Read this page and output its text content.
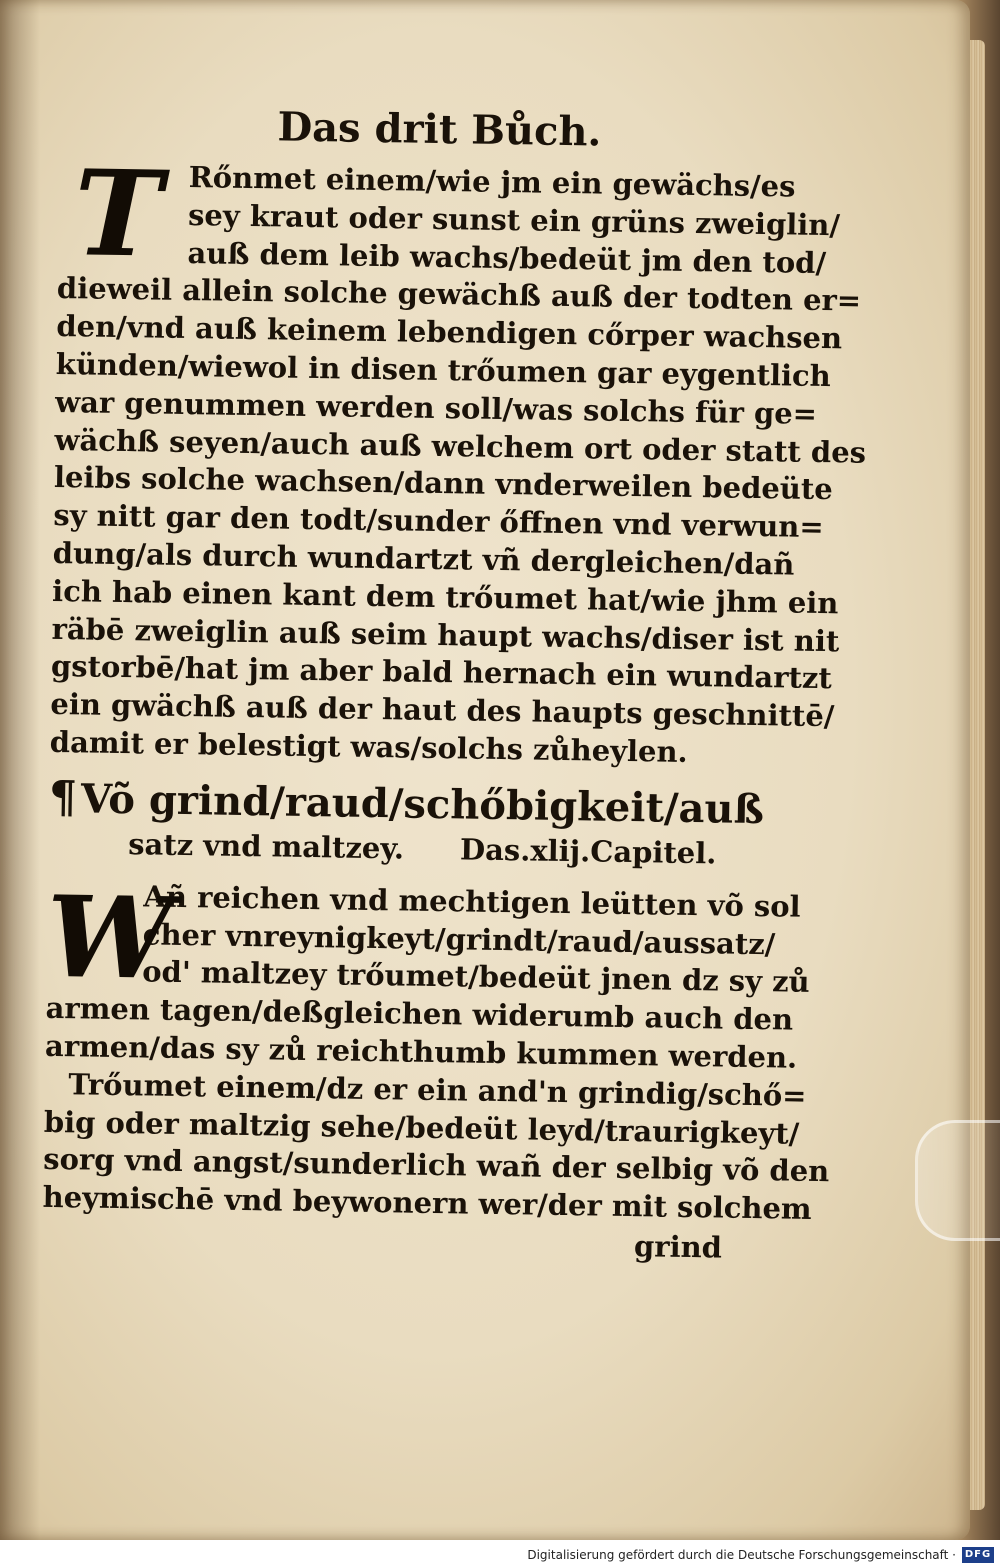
Das drit Bůch.
T Rőnmet einem/wie jm ein gewächs/es
sey kraut oder sunst ein grüns zweiglin/
auß dem leib wachs/bedeüt jm den tod/
dieweil allein solche gewächß auß der todten er=
den/vnd auß keinem lebendigen cőrper wachsen
künden/wiewol in disen trőumen gar eygentlich
war genummen werden soll/was solchs für ge=
wächß seyen/auch auß welchem ort oder statt des
leibs solche wachsen/dann vnderweilen bedeüte
sy nitt gar den todt/sunder őffnen vnd verwun=
dung/als durch wundartzt vñ dergleichen/dañ
ich hab einen kant dem trőumet hat/wie jhm ein
räbē zweiglin auß seim haupt wachs/diser ist nit
gstorbē/hat jm aber bald hernach ein wundartzt
ein gwächß auß der haut des haupts geschnittē/
damit er belestigt was/solchs zůheylen.
¶Võ grind/raud/schőbigkeit/auß
satz vnd maltzey. Das.xlij.Capitel.
W
Añ reichen vnd mechtigen leütten võ sol
cher vnreynigkeyt/grindt/raud/aussatz/
od' maltzey trőumet/bedeüt jnen dz sy zů
armen tagen/deßgleichen widerumb auch den
armen/das sy zů reichthumb kummen werden.
Trőumet einem/dz er ein and'n grindig/schő=
big oder maltzig sehe/bedeüt leyd/traurigkeyt/
sorg vnd angst/sunderlich wañ der selbig võ den
heymischē vnd beywonern wer/der mit solchem
grind
Digitalisierung gefördert durch die Deutsche Forschungsgemeinschaft · DFG
